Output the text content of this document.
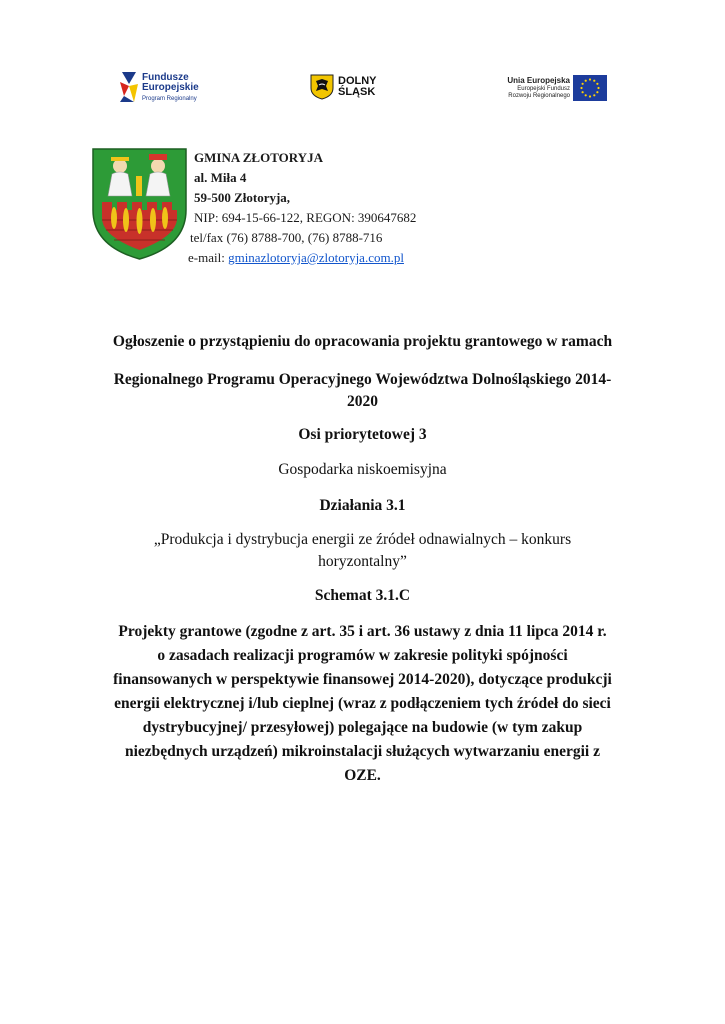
Fundusze
Europejskie
Program Regionalny
DOLNY
ŚLĄSK
Unia Europejska
Europejski Fundusz
Rozwoju Regionalnego
GMINA ZŁOTORYJA
al. Miła 4
59-500 Złotoryja,
NIP: 694-15-66-122, REGON: 390647682
tel/fax (76) 8788-700, (76) 8788-716
e-mail: gminazlotoryja@zlotoryja.com.pl
Ogłoszenie o przystąpieniu do opracowania projektu grantowego w ramach
Regionalnego Programu Operacyjnego Województwa Dolnośląskiego 2014-
2020
Osi priorytetowej 3
Gospodarka niskoemisyjna
Działania 3.1
„Produkcja i dystrybucja energii ze źródeł odnawialnych – konkurs
horyzontalny”
Schemat 3.1.C
Projekty grantowe (zgodne z art. 35 i art. 36 ustawy z dnia 11 lipca 2014 r.
o zasadach realizacji programów w zakresie polityki spójności
finansowanych w perspektywie finansowej 2014-2020), dotyczące produkcji
energii elektrycznej i/lub cieplnej (wraz z podłączeniem tych źródeł do sieci
dystrybucyjnej/ przesyłowej) polegające na budowie (w tym zakup
niezbędnych urządzeń) mikroinstalacji służących wytwarzaniu energii z
OZE.
